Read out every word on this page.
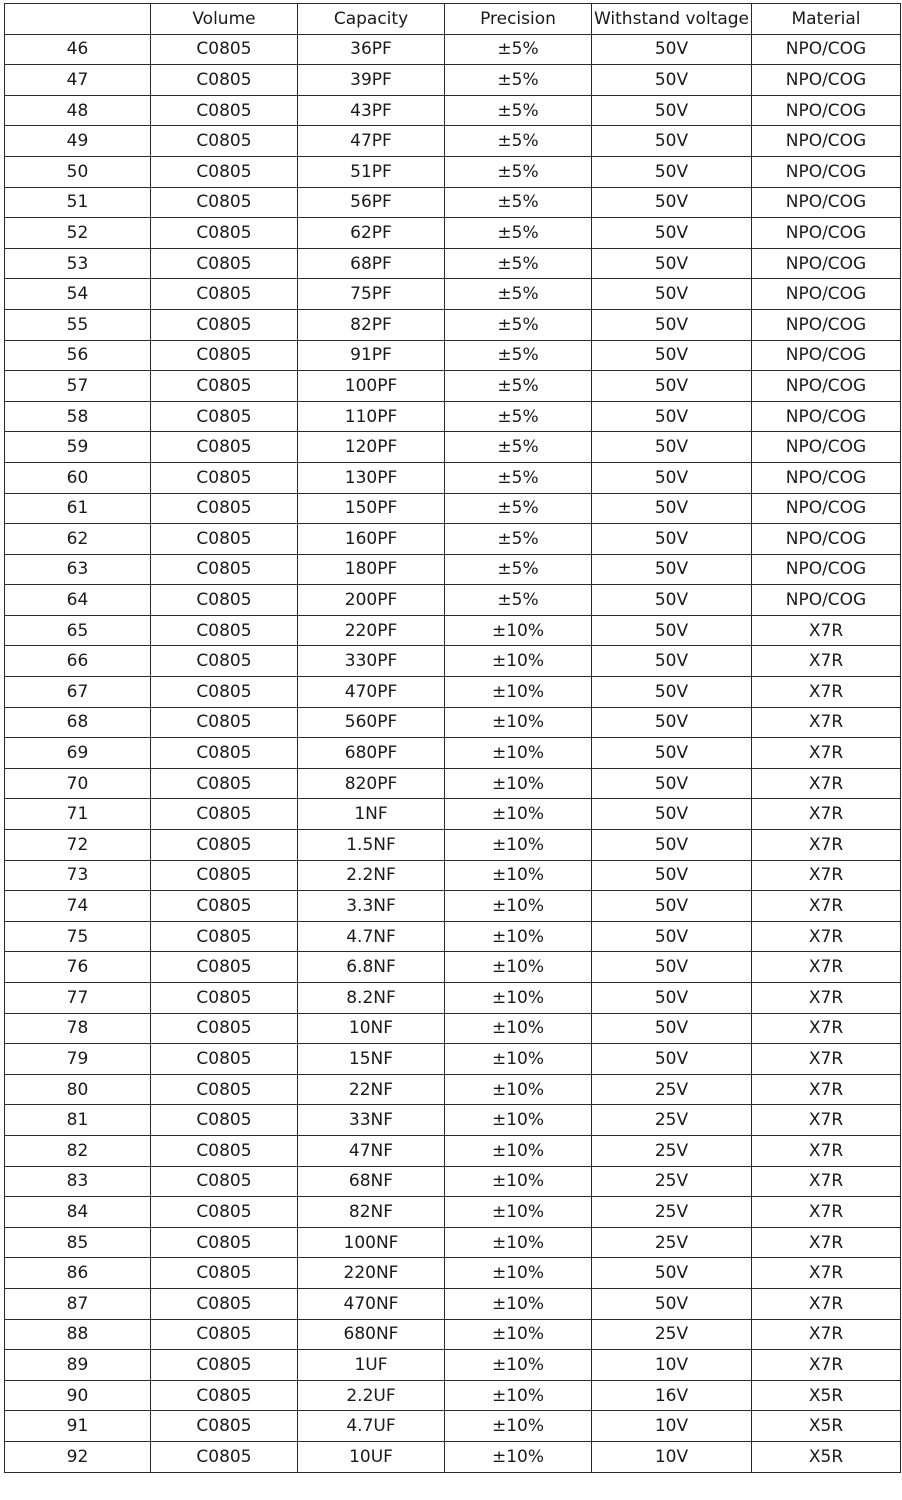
	Volume	Capacity	Precision	Withstand voltage	Material
46	C0805	36PF	±5%	50V	NPO/COG
47	C0805	39PF	±5%	50V	NPO/COG
48	C0805	43PF	±5%	50V	NPO/COG
49	C0805	47PF	±5%	50V	NPO/COG
50	C0805	51PF	±5%	50V	NPO/COG
51	C0805	56PF	±5%	50V	NPO/COG
52	C0805	62PF	±5%	50V	NPO/COG
53	C0805	68PF	±5%	50V	NPO/COG
54	C0805	75PF	±5%	50V	NPO/COG
55	C0805	82PF	±5%	50V	NPO/COG
56	C0805	91PF	±5%	50V	NPO/COG
57	C0805	100PF	±5%	50V	NPO/COG
58	C0805	110PF	±5%	50V	NPO/COG
59	C0805	120PF	±5%	50V	NPO/COG
60	C0805	130PF	±5%	50V	NPO/COG
61	C0805	150PF	±5%	50V	NPO/COG
62	C0805	160PF	±5%	50V	NPO/COG
63	C0805	180PF	±5%	50V	NPO/COG
64	C0805	200PF	±5%	50V	NPO/COG
65	C0805	220PF	±10%	50V	X7R
66	C0805	330PF	±10%	50V	X7R
67	C0805	470PF	±10%	50V	X7R
68	C0805	560PF	±10%	50V	X7R
69	C0805	680PF	±10%	50V	X7R
70	C0805	820PF	±10%	50V	X7R
71	C0805	1NF	±10%	50V	X7R
72	C0805	1.5NF	±10%	50V	X7R
73	C0805	2.2NF	±10%	50V	X7R
74	C0805	3.3NF	±10%	50V	X7R
75	C0805	4.7NF	±10%	50V	X7R
76	C0805	6.8NF	±10%	50V	X7R
77	C0805	8.2NF	±10%	50V	X7R
78	C0805	10NF	±10%	50V	X7R
79	C0805	15NF	±10%	50V	X7R
80	C0805	22NF	±10%	25V	X7R
81	C0805	33NF	±10%	25V	X7R
82	C0805	47NF	±10%	25V	X7R
83	C0805	68NF	±10%	25V	X7R
84	C0805	82NF	±10%	25V	X7R
85	C0805	100NF	±10%	25V	X7R
86	C0805	220NF	±10%	50V	X7R
87	C0805	470NF	±10%	50V	X7R
88	C0805	680NF	±10%	25V	X7R
89	C0805	1UF	±10%	10V	X7R
90	C0805	2.2UF	±10%	16V	X5R
91	C0805	4.7UF	±10%	10V	X5R
92	C0805	10UF	±10%	10V	X5R
